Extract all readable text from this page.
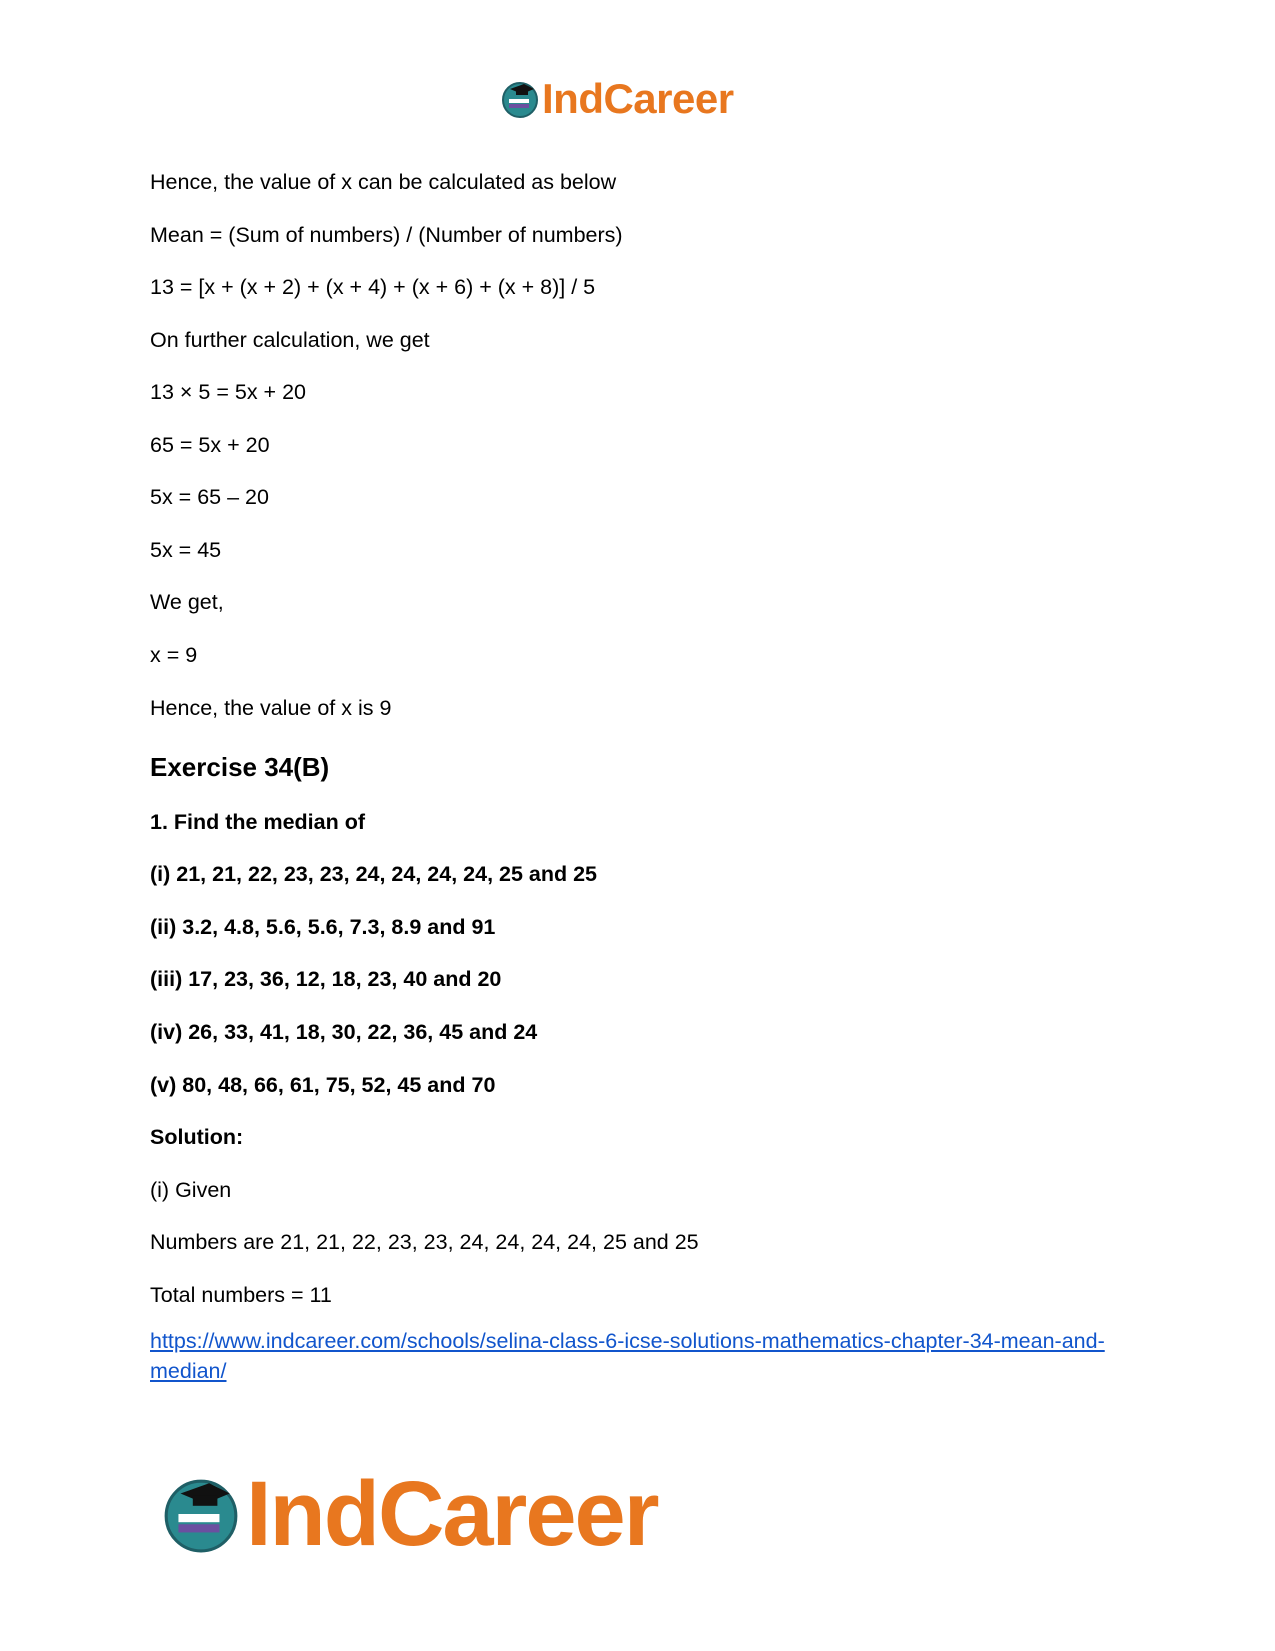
IndCareer
Hence, the value of x can be calculated as below
Mean = (Sum of numbers) / (Number of numbers)
13 = [x + (x + 2) + (x + 4) + (x + 6) + (x + 8)] / 5
On further calculation, we get
13 × 5 = 5x + 20
65 = 5x + 20
5x = 65 – 20
5x = 45
We get,
x = 9
Hence, the value of x is 9
Exercise 34(B)
1. Find the median of
(i) 21, 21, 22, 23, 23, 24, 24, 24, 24, 25 and 25
(ii) 3.2, 4.8, 5.6, 5.6, 7.3, 8.9 and 91
(iii) 17, 23, 36, 12, 18, 23, 40 and 20
(iv) 26, 33, 41, 18, 30, 22, 36, 45 and 24
(v) 80, 48, 66, 61, 75, 52, 45 and 70
Solution:
(i) Given
Numbers are 21, 21, 22, 23, 23, 24, 24, 24, 24, 25 and 25
Total numbers = 11
https://www.indcareer.com/schools/selina-class-6-icse-solutions-mathematics-chapter-34-mean-and-median/
IndCareer
